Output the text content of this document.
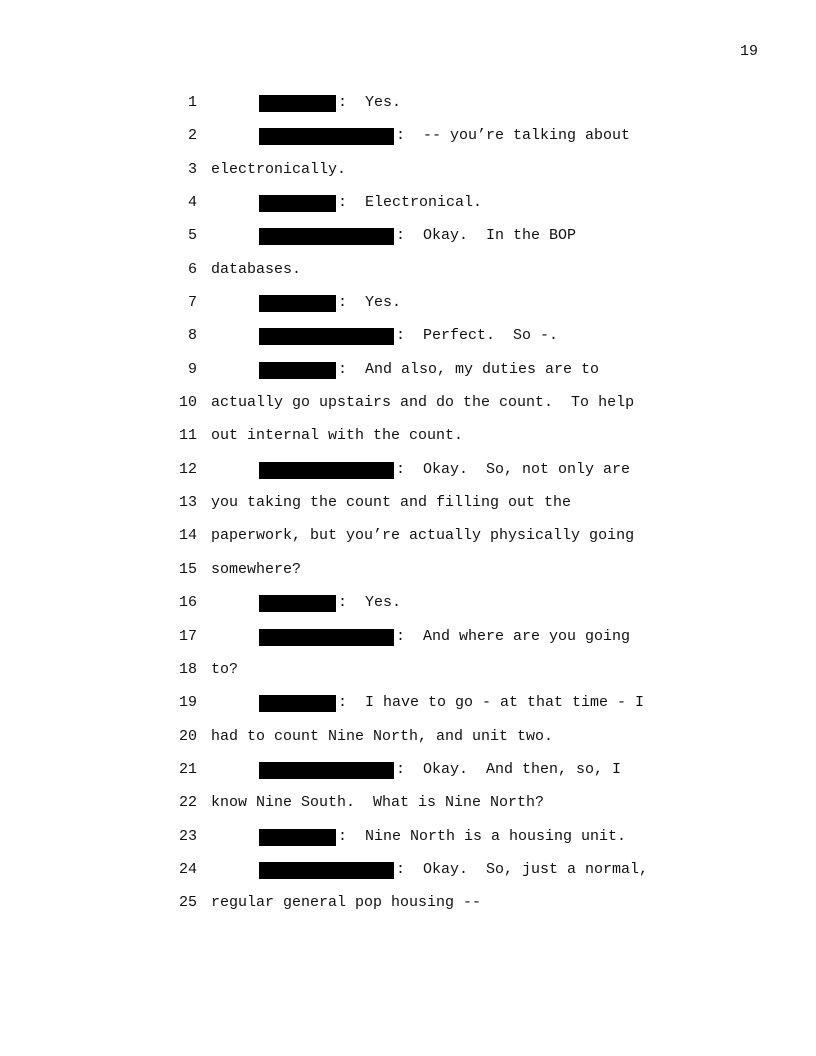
19
1	:  Yes.
2	:  -- you’re talking about
3 electronically.
4	:  Electronical.
5	:  Okay.  In the BOP
6 databases.
7	:  Yes.
8	:  Perfect.  So -.
9	:  And also, my duties are to
10 actually go upstairs and do the count.  To help
11 out internal with the count.
12	:  Okay.  So, not only are
13 you taking the count and filling out the
14 paperwork, but you’re actually physically going
15 somewhere?
16	:  Yes.
17	:  And where are you going
18 to?
19	:  I have to go - at that time - I
20 had to count Nine North, and unit two.
21	:  Okay.  And then, so, I
22 know Nine South.  What is Nine North?
23	:  Nine North is a housing unit.
24	:  Okay.  So, just a normal,
25 regular general pop housing --
